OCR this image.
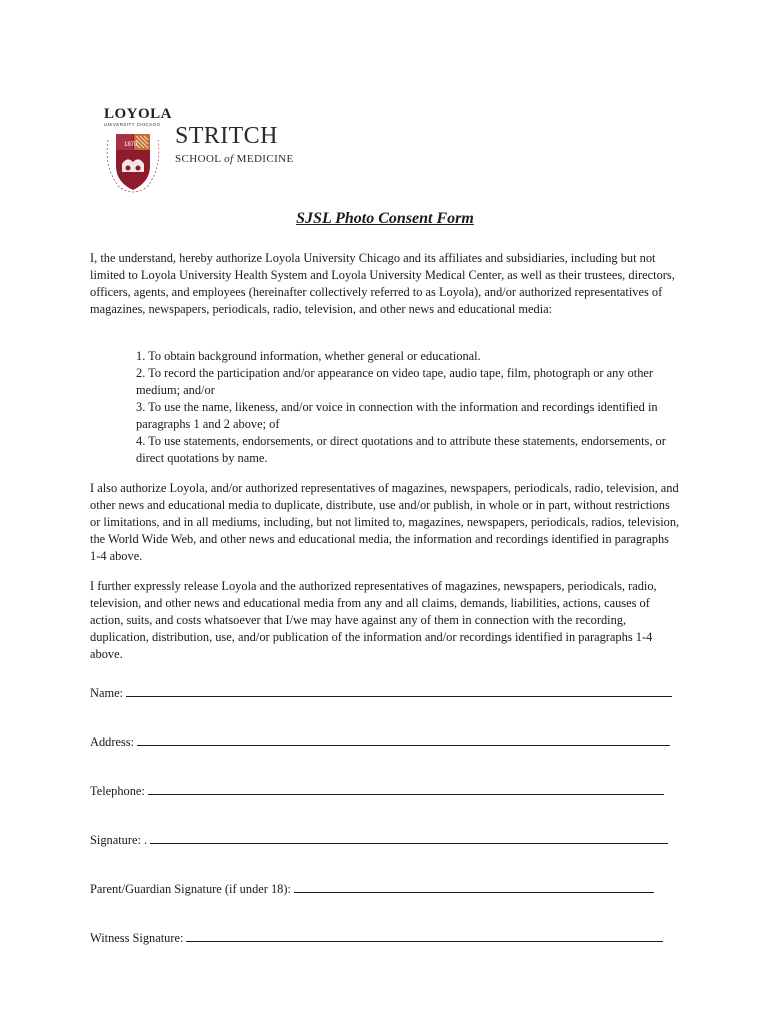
LOYOLA
UNIVERSITY CHICAGO
1870 STRITCH
SCHOOL of MEDICINE
SJSL Photo Consent Form
I, the understand, hereby authorize Loyola University Chicago and its affiliates and subsidiaries, including but not limited to Loyola University Health System and Loyola University Medical Center, as well as their trustees, directors, officers, agents, and employees (hereinafter collectively referred to as Loyola), and/or authorized representatives of magazines, newspapers, periodicals, radio, television, and other news and educational media:
1. To obtain background information, whether general or educational.
2. To record the participation and/or appearance on video tape, audio tape, film, photograph or any other medium; and/or
3. To use the name, likeness, and/or voice in connection with the information and recordings identified in paragraphs 1 and 2 above; of
4. To use statements, endorsements, or direct quotations and to attribute these statements, endorsements, or direct quotations by name.
I also authorize Loyola, and/or authorized representatives of magazines, newspapers, periodicals, radio, television, and other news and educational media to duplicate, distribute, use and/or publish, in whole or in part, without restrictions or limitations, and in all mediums, including, but not limited to, magazines, newspapers, periodicals, radios, television, the World Wide Web, and other news and educational media, the information and recordings identified in paragraphs 1-4 above.
I further expressly release Loyola and the authorized representatives of magazines, newspapers, periodicals, radio, television, and other news and educational media from any and all claims, demands, liabilities, actions, causes of action, suits, and costs whatsoever that I/we may have against any of them in connection with the recording, duplication, distribution, use, and/or publication of the information and/or recordings identified in paragraphs 1-4 above.
Name:
Address:
Telephone:
Signature: .
Parent/Guardian Signature (if under 18):
Witness Signature:
